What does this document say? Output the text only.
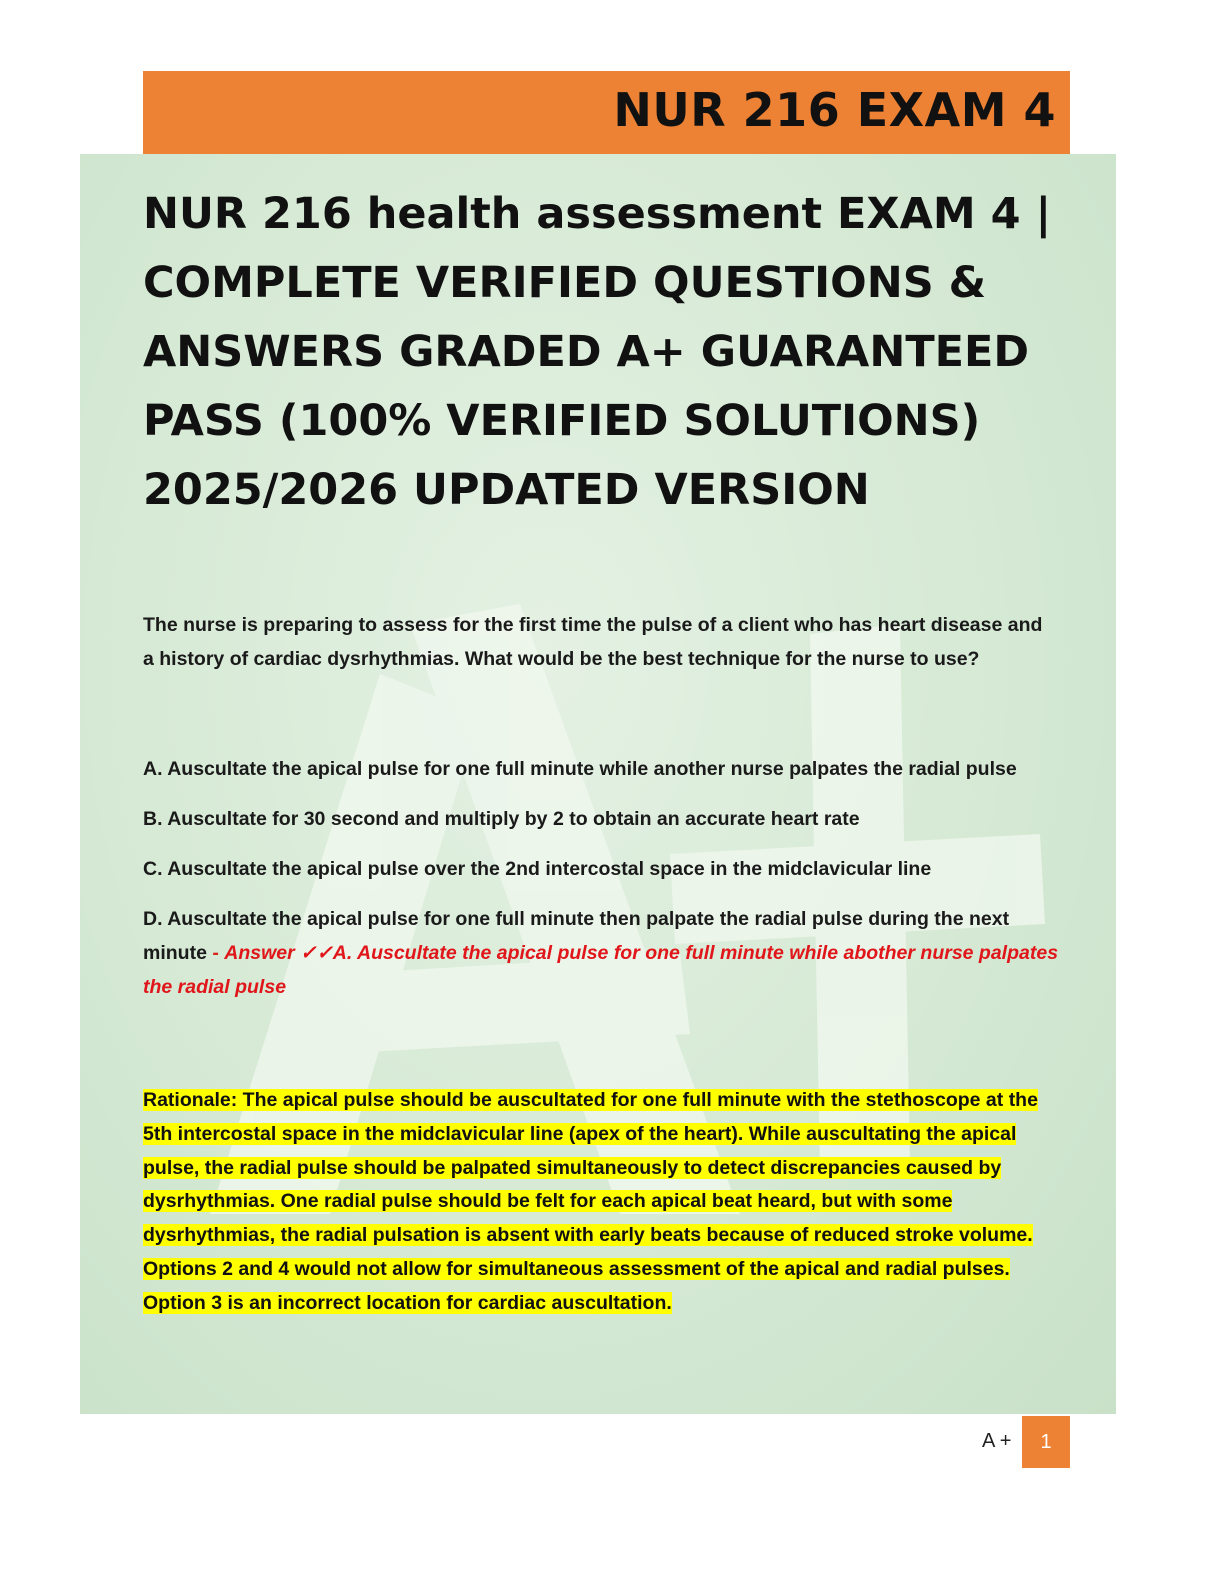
NUR 216 EXAM 4
NUR 216 health assessment EXAM 4 | COMPLETE VERIFIED QUESTIONS & ANSWERS GRADED A+ GUARANTEED PASS (100% VERIFIED SOLUTIONS) 2025/2026 UPDATED VERSION

The nurse is preparing to assess for the first time the pulse of a client who has heart disease and a history of cardiac dysrhythmias. What would be the best technique for the nurse to use?

A. Auscultate the apical pulse for one full minute while another nurse palpates the radial pulse

B. Auscultate for 30 second and multiply by 2 to obtain an accurate heart rate

C. Auscultate the apical pulse over the 2nd intercostal space in the midclavicular line

D. Auscultate the apical pulse for one full minute then palpate the radial pulse during the next minute - Answer ✓✓A. Auscultate the apical pulse for one full minute while abother nurse palpates the radial pulse

Rationale: The apical pulse should be auscultated for one full minute with the stethoscope at the 5th intercostal space in the midclavicular line (apex of the heart). While auscultating the apical pulse, the radial pulse should be palpated simultaneously to detect discrepancies caused by dysrhythmias. One radial pulse should be felt for each apical beat heard, but with some dysrhythmias, the radial pulsation is absent with early beats because of reduced stroke volume. Options 2 and 4 would not allow for simultaneous assessment of the apical and radial pulses. Option 3 is an incorrect location for cardiac auscultation.

A +	1
